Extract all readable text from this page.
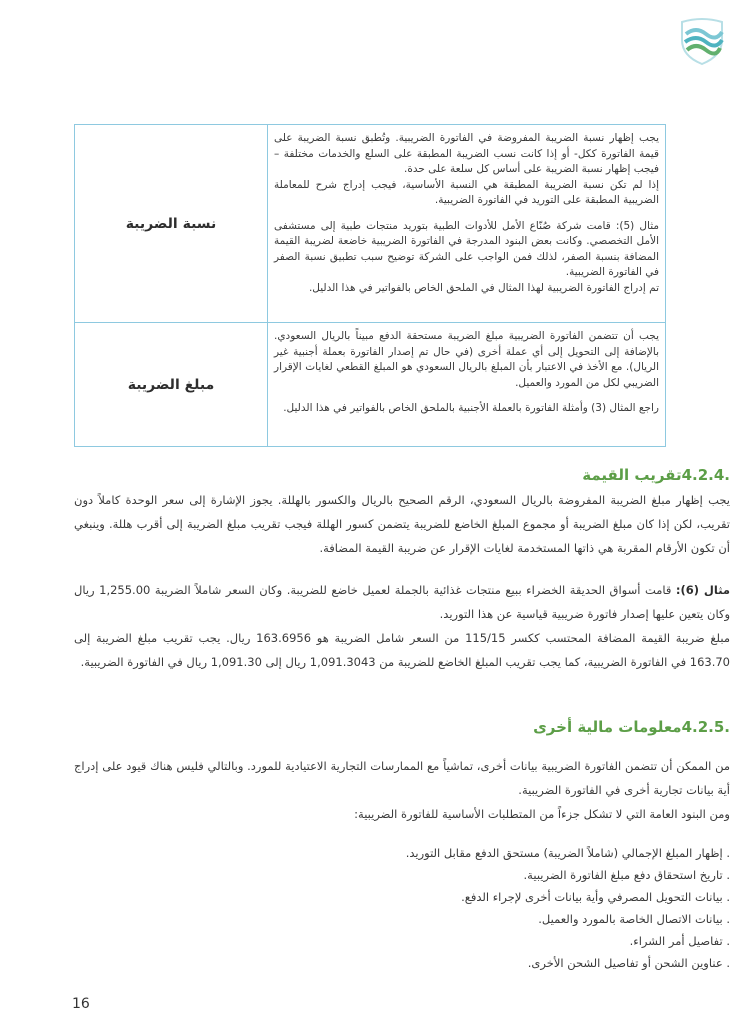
يجب إظهار نسبة الضريبة المفروضة في الفاتورة الضريبية. وتُطبق نسبة الضريبة على قيمة الفاتورة ككل- أو إذا كانت نسب الضريبة المطبقة على السلع والخدمات مختلفة – فيجب إظهار نسبة الضريبة على أساس كل سلعة على حدة.

إذا لم تكن نسبة الضريبة المطبقة هي النسبة الأساسية، فيجب إدراج شرح للمعاملة الضريبية المطبقة على التوريد في الفاتورة الضريبية.

مثال (5): قامت شركة صُنّاع الأمل للأدوات الطبية بتوريد منتجات طبية إلى مستشفى الأمل التخصصي. وكانت بعض البنود المدرجة في الفاتورة الضريبية خاضعة لضريبة القيمة المضافة بنسبة الصفر، لذلك فمن الواجب على الشركة توضيح سبب تطبيق نسبة الصفر في الفاتورة الضريبية.

تم إدراج الفاتورة الضريبية لهذا المثال في الملحق الخاص بالفواتير في هذا الدليل.	نسبة الضريبة

يجب أن تتضمن الفاتورة الضريبية مبلغ الضريبة مستحقة الدفع مبيناً بالريال السعودي. بالإضافة إلى التحويل إلى أي عملة أخرى (في حال تم إصدار الفاتورة بعملة أجنبية غير الريال). مع الأخذ في الاعتبار بأن المبلغ بالريال السعودي هو المبلغ القطعي لغايات الإقرار الضريبي لكل من المورد والعميل.

راجع المثال (3) وأمثلة الفاتورة بالعملة الأجنبية بالملحق الخاص بالفواتير في هذا الدليل.	مبلغ الضريبة
4.2.4.تقريب القيمة

يجب إظهار مبلغ الضريبة المفروضة بالريال السعودي، الرقم الصحيح بالريال والكسور بالهللة. يجوز الإشارة إلى سعر الوحدة كاملاً دون تقريب، لكن إذا كان مبلغ الضريبة أو مجموع المبلغ الخاضع للضريبة يتضمن كسور الهللة فيجب تقريب مبلغ الضريبة إلى أقرب هللة. وينبغي أن تكون الأرقام المقربة هي ذاتها المستخدمة لغايات الإقرار عن ضريبة القيمة المضافة.

مثال (6): قامت أسواق الحديقة الخضراء ببيع منتجات غذائية بالجملة لعميل خاضع للضريبة. وكان السعر شاملاً الضريبة 1,255.00 ريال وكان يتعين عليها إصدار فاتورة ضريبية قياسية عن هذا التوريد.

مبلغ ضريبة القيمة المضافة المحتسب ككسر 115/15 من السعر شامل الضريبة هو 163.6956 ريال. يجب تقريب مبلغ الضريبة إلى 163.70 في الفاتورة الضريبية، كما يجب تقريب المبلغ الخاضع للضريبة من 1,091.3043 ريال إلى 1,091.30 ريال في الفاتورة الضريبية.

4.2.5.معلومات مالية أخرى

من الممكن أن تتضمن الفاتورة الضريبية بيانات أخرى، تماشياً مع الممارسات التجارية الاعتيادية للمورد. وبالتالي فليس هناك قيود على إدراج أية بيانات تجارية أخرى في الفاتورة الضريبية.

ومن البنود العامة التي لا تشكل جزءاً من المتطلبات الأساسية للفاتورة الضريبية:

. إظهار المبلغ الإجمالي (شاملاً الضريبة) مستحق الدفع مقابل التوريد.
. تاريخ استحقاق دفع مبلغ الفاتورة الضريبية.
. بيانات التحويل المصرفي وأية بيانات أخرى لإجراء الدفع.
. بيانات الاتصال الخاصة بالمورد والعميل.
. تفاصيل أمر الشراء.
. عناوين الشحن أو تفاصيل الشحن الأخرى.
16
